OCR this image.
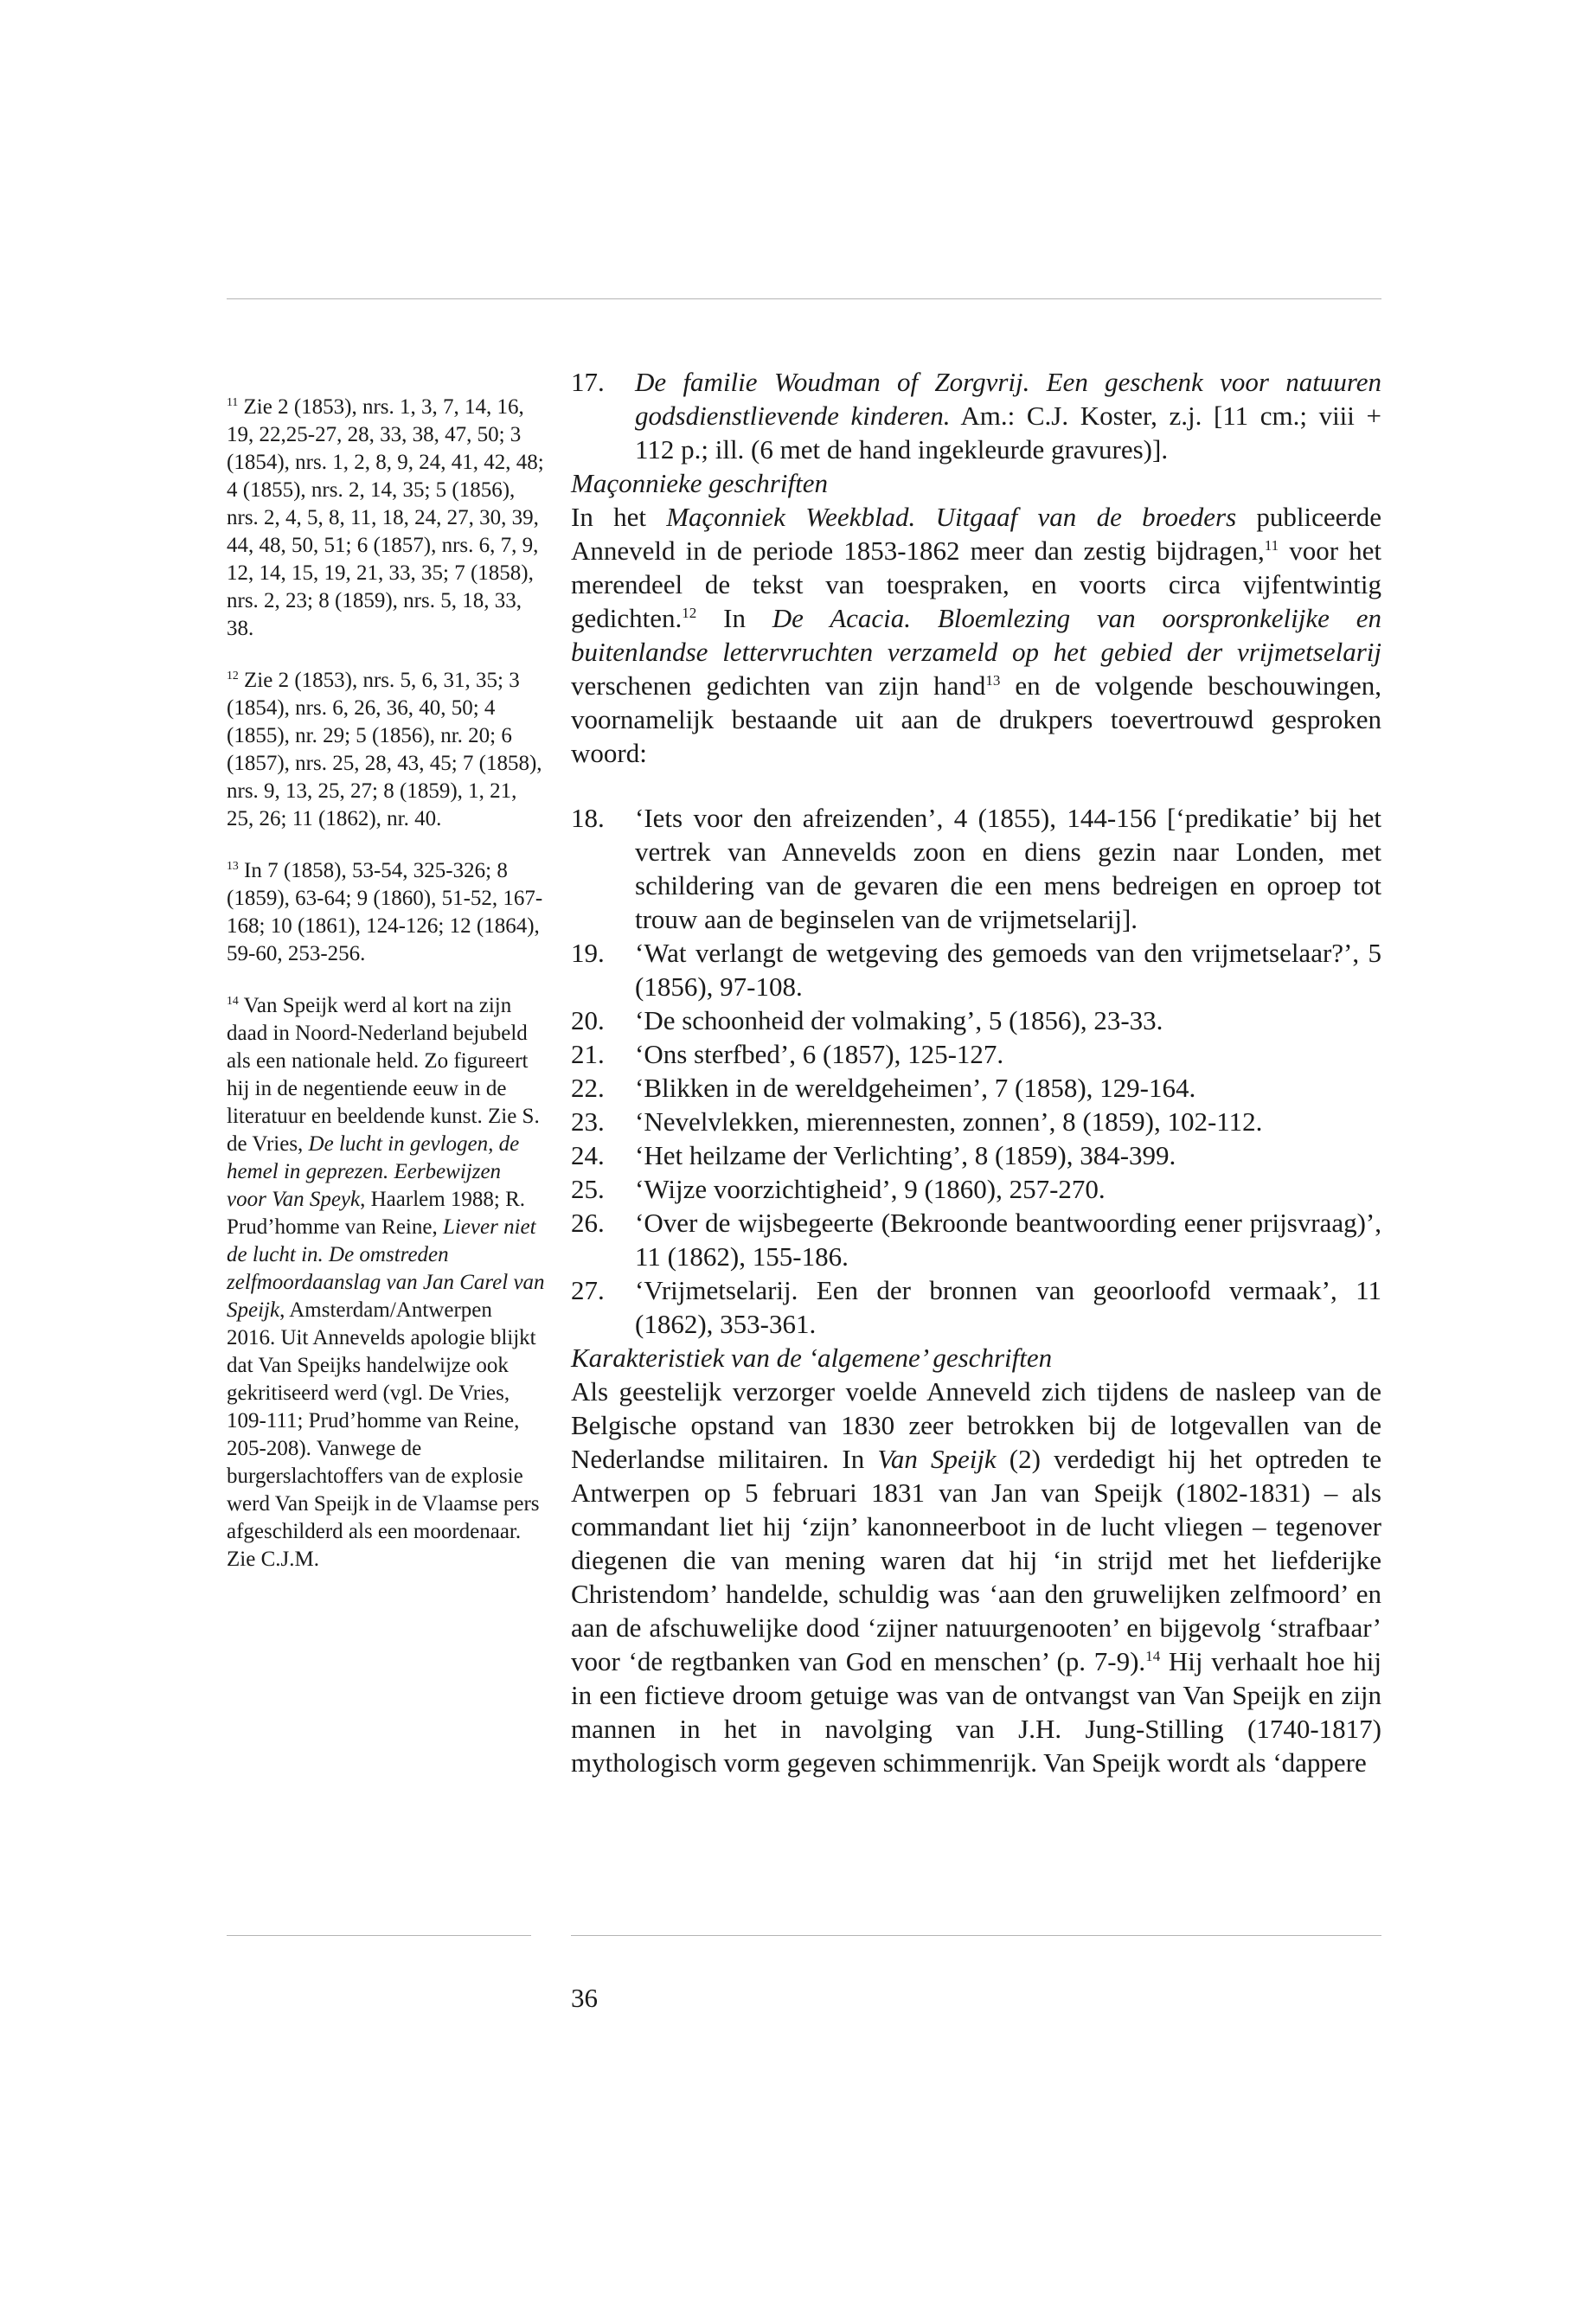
$^{11}$ Zie 2 (1853), nrs. 1, 3, 7, 14, 16, 19, 22,25-27, 28, 33, 38, 47, 50; 3 (1854), nrs. 1, 2, 8, 9, 24, 41, 42, 48; 4 (1855), nrs. 2, 14, 35; 5 (1856), nrs. 2, 4, 5, 8, 11, 18, 24, 27, 30, 39, 44, 48, 50, 51; 6 (1857), nrs. 6, 7, 9, 12, 14, 15, 19, 21, 33, 35; 7 (1858), nrs. 2, 23; 8 (1859), nrs. 5, 18, 33, 38.
$^{12}$ Zie 2 (1853), nrs. 5, 6, 31, 35; 3 (1854), nrs. 6, 26, 36, 40, 50; 4 (1855), nr. 29; 5 (1856), nr. 20; 6 (1857), nrs. 25, 28, 43, 45; 7 (1858), nrs. 9, 13, 25, 27; 8 (1859), 1, 21, 25, 26; 11 (1862), nr. 40.
$^{13}$ In 7 (1858), 53-54, 325-326; 8 (1859), 63-64; 9 (1860), 51-52, 167-168; 10 (1861), 124-126; 12 (1864), 59-60, 253-256.
$^{14}$ Van Speijk werd al kort na zijn daad in Noord-Nederland bejubeld als een nationale held. Zo figureert hij in de negentiende eeuw in de literatuur en beeldende kunst. Zie S. de Vries, De lucht in gevlogen, de hemel in geprezen. Eerbewijzen voor Van Speyk, Haarlem 1988; R. Prud’homme van Reine, Liever niet de lucht in. De omstreden zelfmoordaanslag van Jan Carel van Speijk, Amsterdam/Antwerpen 2016. Uit Annevelds apologie blijkt dat Van Speijks handelwijze ook gekritiseerd werd (vgl. De Vries, 109-111; Prud’homme van Reine, 205-208). Vanwege de burgerslachtoffers van de explosie werd Van Speijk in de Vlaamse pers afgeschilderd als een moordenaar. Zie C.J.M.
17.	De familie Woudman of Zorgvrij. Een geschenk voor natuuren godsdienstlievende kinderen. Am.: C.J. Koster, z.j. [11 cm.; viii + 112 p.; ill. (6 met de hand ingekleurde gravures)].

Maçonnieke geschriften

In het Maçonniek Weekblad. Uitgaaf van de broeders publiceerde Anneveld in de periode 1853-1862 meer dan zestig bijdragen,$^{11}$ voor het merendeel de tekst van toespraken, en voorts circa vijfentwintig gedichten.$^{12}$ In De Acacia. Bloemlezing van oorspronkelijke en buitenlandse lettervruchten verzameld op het gebied der vrijmetselarij verschenen gedichten van zijn hand$^{13}$ en de volgende beschouwingen, voornamelijk bestaande uit aan de drukpers toevertrouwd gesproken woord:

18.	‘Iets voor den afreizenden’, 4 (1855), 144-156 [‘predikatie’ bij het vertrek van Annevelds zoon en diens gezin naar Londen, met schildering van de gevaren die een mens bedreigen en oproep tot trouw aan de beginselen van de vrijmetselarij].
19.	‘Wat verlangt de wetgeving des gemoeds van den vrijmetselaar?’, 5 (1856), 97-108.
20.	‘De schoonheid der volmaking’, 5 (1856), 23-33.
21.	‘Ons sterfbed’, 6 (1857), 125-127.
22.	‘Blikken in de wereldgeheimen’, 7 (1858), 129-164.
23.	‘Nevelvlekken, mierennesten, zonnen’, 8 (1859), 102-112.
24.	‘Het heilzame der Verlichting’, 8 (1859), 384-399.
25.	‘Wijze voorzichtigheid’, 9 (1860), 257-270.
26.	‘Over de wijsbegeerte (Bekroonde beantwoording eener prijsvraag)’, 11 (1862), 155-186.
27.	‘Vrijmetselarij. Een der bronnen van geoorloofd vermaak’, 11 (1862), 353-361.

Karakteristiek van de ‘algemene’ geschriften

Als geestelijk verzorger voelde Anneveld zich tijdens de nasleep van de Belgische opstand van 1830 zeer betrokken bij de lotgevallen van de Nederlandse militairen. In Van Speijk (2) verdedigt hij het optreden te Antwerpen op 5 februari 1831 van Jan van Speijk (1802-1831) – als commandant liet hij ‘zijn’ kanonneerboot in de lucht vliegen – tegenover diegenen die van mening waren dat hij ‘in strijd met het liefderijke Christendom’ handelde, schuldig was ‘aan den gruwelijken zelfmoord’ en aan de afschuwelijke dood ‘zijner natuurgenooten’ en bijgevolg ‘strafbaar’ voor ‘de regtbanken van God en menschen’ (p. 7-9).$^{14}$ Hij verhaalt hoe hij in een fictieve droom getuige was van de ontvangst van Van Speijk en zijn mannen in het in navolging van J.H. Jung-Stilling (1740-1817) mythologisch vorm gegeven schimmenrijk. Van Speijk wordt als ‘dappere

36
